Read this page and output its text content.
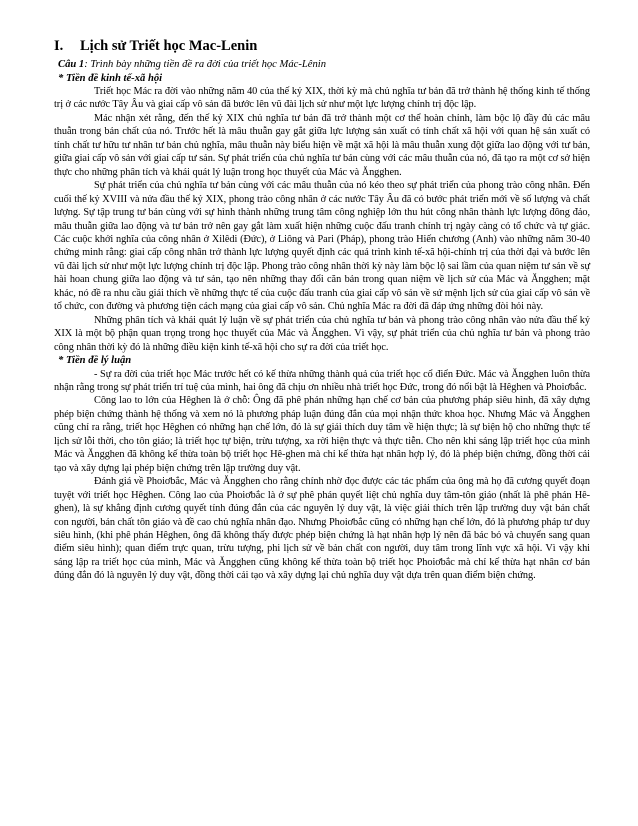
I. Lịch sử Triết học Mac-Lenin
Câu 1: Trình bày những tiền đề ra đời của triết học Mác-Lênin
* Tiền đề kinh tế-xã hội

Triết học Mác ra đời vào những năm 40 của thế kỷ XIX, thời kỳ mà chủ nghĩa tư bản đã trở thành hệ thống kinh tế thống trị ở các nước Tây Âu và giai cấp vô sản đã bước lên vũ đài lịch sử như một lực lượng chính trị độc lập.

Mác nhận xét rằng, đến thế kỷ XIX chủ nghĩa tư bản đã trở thành một cơ thể hoàn chỉnh, làm bộc lộ đầy đủ các mâu thuẫn trong bản chất của nó. Trước hết là mâu thuẫn gay gắt giữa lực lượng sản xuất có tính chất xã hội với quan hệ sản xuất có tính chất tư hữu tư nhân tư bản chủ nghĩa, mâu thuẫn này biểu hiện về mặt xã hội là mâu thuẫn xung đột giữa lao động với tư bản, giữa giai cấp vô sản với giai cấp tư sản. Sự phát triển của chủ nghĩa tư bản cùng với các mâu thuẫn của nó, đã tạo ra một cơ sở hiện thực cho những phân tích và khái quát lý luận trong học thuyết của Mác và Ăngghen.

Sự phát triển của chủ nghĩa tư bản cùng với các mâu thuẫn của nó kéo theo sự phát triển của phong trào công nhân. Đến cuối thế kỷ XVIII và nửa đầu thế kỷ XIX, phong trào công nhân ở các nước Tây Âu đã có bước phát triển mới về số lượng và chất lượng. Sự tập trung tư bản cùng với sự hình thành những trung tâm công nghiệp lớn thu hút công nhân thành lực lượng đông đảo, mâu thuẫn giữa lao động và tư bản trở nên gay gắt làm xuất hiện những cuộc đấu tranh chính trị ngày càng có tổ chức và tự giác. Các cuộc khởi nghĩa của công nhân ở Xilêdi (Đức), ở Liông và Pari (Pháp), phong trào Hiến chương (Anh) vào những năm 30-40 chứng minh rằng: giai cấp công nhân trở thành lực lượng quyết định các quá trình kinh tế-xã hội-chính trị của thời đại và bước lên vũ đài lịch sử như một lực lượng chính trị độc lập. Phong trào công nhân thời kỳ này làm bộc lộ sai lầm của quan niệm tư sản về sự hài hoan chung giữa lao động và tư sản, tạo nên những thay đổi căn bản trong quan niệm về lịch sử của Mác và Ăngghen; mặt khác, nó đề ra nhu cầu giải thích về những thực tế của cuộc đấu tranh của giai cấp vô sản về sứ mệnh lịch sử của giai cấp vô sản về tổ chức, con đường và phương tiện cách mạng của giai cấp vô sản. Chủ nghĩa Mác ra đời đã đáp ứng những đòi hỏi này.

Những phân tích và khái quát lý luận về sự phát triển của chủ nghĩa tư bản và phong trào công nhân vào nửa đầu thế kỷ XIX là một bộ phận quan trọng trong học thuyết của Mác và Ăngghen. Vì vậy, sự phát triển của chủ nghĩa tư bản và phong trào công nhân thời kỳ đó là những điều kiện kinh tế-xã hội cho sự ra đời của triết học.

* Tiền đề lý luận

- Sự ra đời của triết học Mác trước hết có kế thừa những thành quả của triết học cổ điển Đức. Mác và Ăngghen luôn thừa nhận rằng trong sự phát triển trí tuệ của mình, hai ông đã chịu ơn nhiều nhà triết học Đức, trong đó nổi bật là Hêghen và Phoiơbắc.

Công lao to lớn của Hêghen là ở chỗ: Ông đã phê phán những hạn chế cơ bản của phương pháp siêu hình, đã xây dựng phép biện chứng thành hệ thống và xem nó là phương pháp luận đúng đắn của mọi nhận thức khoa học. Nhưng Mác và Ăngghen cũng chỉ ra rằng, triết học Hêghen có những hạn chế lớn, đó là sự giải thích duy tâm về hiện thực; là sự biện hộ cho những thực tế lịch sử lỗi thời, cho tôn giáo; là triết học tự biện, trừu tượng, xa rời hiện thực và thực tiễn. Cho nên khi sáng lập triết học của mình Mác và Ăngghen đã không kế thừa toàn bộ triết học Hê-ghen mà chỉ kế thừa hạt nhân hợp lý, đó là phép biện chứng, đồng thời cải tạo và xây dựng lại phép biện chứng trên lập trường duy vật.

Đánh giá về Phoiơbắc, Mác và Ăngghen cho rằng chính nhờ đọc được các tác phẩm của ông mà họ đã cương quyết đoạn tuyệt với triết học Hêghen. Công lao của Phoiơbắc là ở sự phê phán quyết liệt chủ nghĩa duy tâm-tôn giáo (nhất là phê phán Hê-ghen), là sự khẳng định cương quyết tính đúng đắn của các nguyên lý duy vật, là việc giải thích trên lập trường duy vật bản chất con người, bản chất tôn giáo và đề cao chủ nghĩa nhân đạo. Nhưng Phoiơbắc cũng có những hạn chế lớn, đó là phương pháp tư duy siêu hình, (khi phê phán Hêghen, ông đã không thấy được phép biện chứng là hạt nhân hợp lý nên đã bác bỏ và chuyển sang quan điểm siêu hình); quan điểm trực quan, trừu tượng, phi lịch sử về bản chất con người, duy tâm trong lĩnh vực xã hội. Vì vậy khi sáng lập ra triết học của mình, Mác và Ăngghen cũng không kế thừa toàn bộ triết học Phoiơbắc mà chỉ kế thừa hạt nhân cơ bản đúng đắn đó là nguyên lý duy vật, đồng thời cải tạo và xây dựng lại chủ nghĩa duy vật dựa trên quan điểm biện chứng.
